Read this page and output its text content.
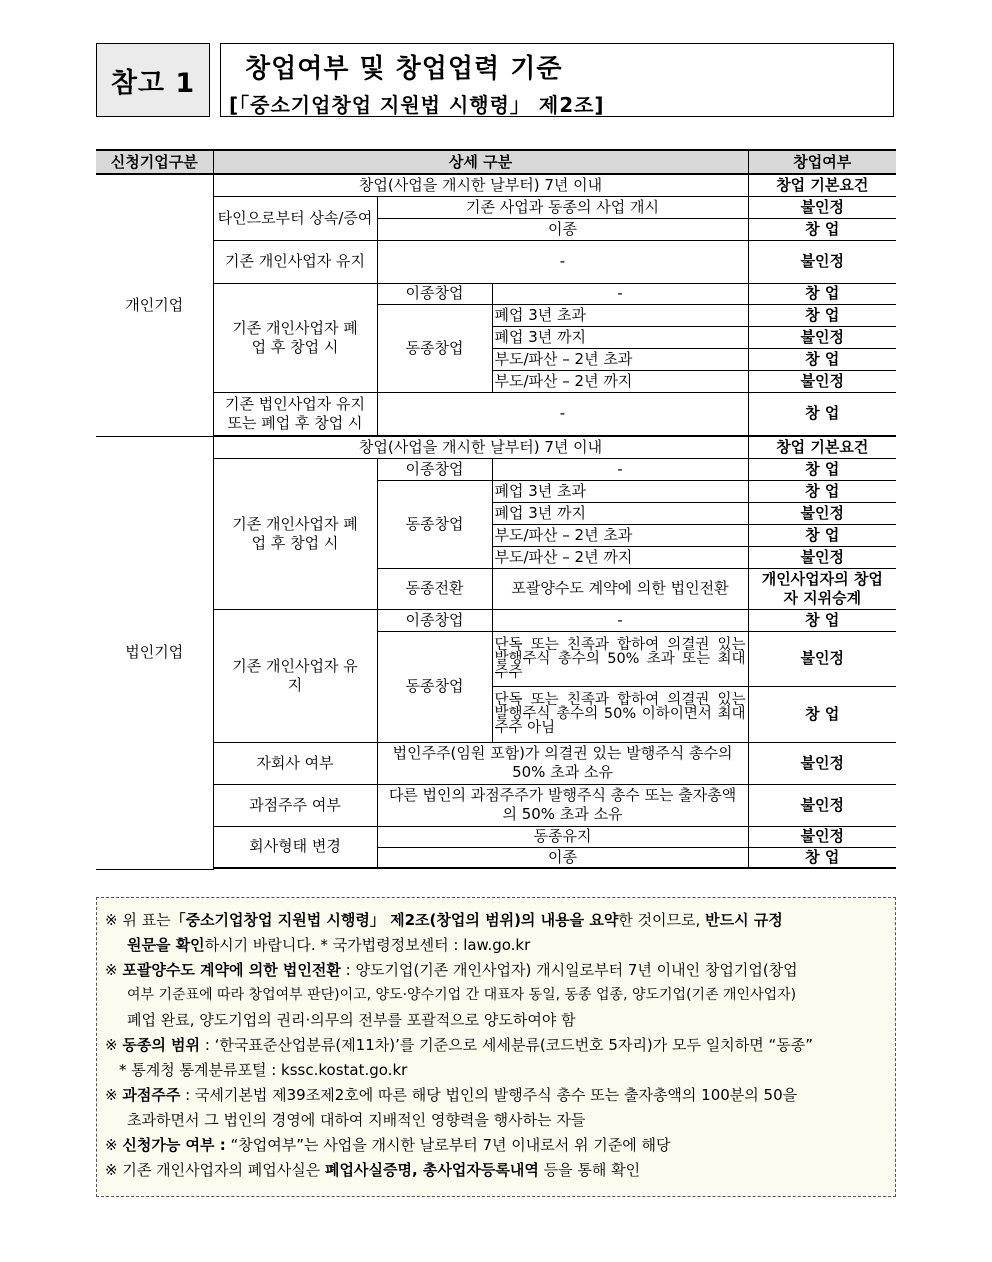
참고 1	창업여부 및 창업업력 기준
[「중소기업창업 지원법 시행령」 제2조]
신청기업구분	상세 구분			창업여부
개인기업	창업(사업을 개시한 날부터) 7년 이내			창업 기본요건
	타인으로부터 상속/증여	기존 사업과 동종의 사업 개시		불인정
		이종		창 업
	기존 개인사업자 유지	-		불인정
	기존 개인사업자 폐업 후 창업 시	이종창업	-	창 업
		동종창업	폐업 3년 초과	창 업
			폐업 3년 까지	불인정
			부도/파산 – 2년 초과	창 업
			부도/파산 – 2년 까지	불인정
	기존 법인사업자 유지 또는 폐업 후 창업 시	-		창 업

법인기업	창업(사업을 개시한 날부터) 7년 이내			창업 기본요건
	기존 개인사업자 폐업 후 창업 시	이종창업	-	창 업
		동종창업	폐업 3년 초과	창 업
			폐업 3년 까지	불인정
			부도/파산 – 2년 초과	창 업
			부도/파산 – 2년 까지	불인정
		동종전환	포괄양수도 계약에 의한 법인전환	개인사업자의 창업자 지위승계
	기존 개인사업자 유지	이종창업	-	창 업
		동종창업	단독 또는 친족과 합하여 의결권 있는 발행주식 총수의 50% 초과 또는 최대주주	불인정
			단독 또는 친족과 합하여 의결권 있는 발행주식 총수의 50% 이하이면서 최대주주 아님	창 업
	자회사 여부	법인주주(임원 포함)가 의결권 있는 발행주식 총수의 50% 초과 소유		불인정
	과점주주 여부	다른 법인의 과점주주가 발행주식 총수 또는 출자총액의 50% 초과 소유		불인정
	회사형태 변경	동종유지		불인정
		이종		창 업

※ 위 표는「중소기업창업 지원법 시행령」 제2조(창업의 범위)의 내용을 요약한 것이므로, 반드시 규정
원문을 확인하시기 바랍니다. * 국가법령정보센터 : law.go.kr
※ 포괄양수도 계약에 의한 법인전환 : 양도기업(기존 개인사업자) 개시일로부터 7년 이내인 창업기업(창업
여부 기준표에 따라 창업여부 판단)이고, 양도·양수기업 간 대표자 동일, 동종 업종, 양도기업(기존 개인사업자)
폐업 완료, 양도기업의 권리·의무의 전부를 포괄적으로 양도하여야 함
※ 동종의 범위 : ‘한국표준산업분류(제11차)’를 기준으로 세세분류(코드번호 5자리)가 모두 일치하면 “동종”
* 통계청 통계분류포털 : kssc.kostat.go.kr
※ 과점주주 : 국세기본법 제39조제2호에 따른 해당 법인의 발행주식 총수 또는 출자총액의 100분의 50을
초과하면서 그 법인의 경영에 대하여 지배적인 영향력을 행사하는 자들
※ 신청가능 여부 : “창업여부”는 사업을 개시한 날로부터 7년 이내로서 위 기준에 해당
※ 기존 개인사업자의 폐업사실은 폐업사실증명, 총사업자등록내역 등을 통해 확인
